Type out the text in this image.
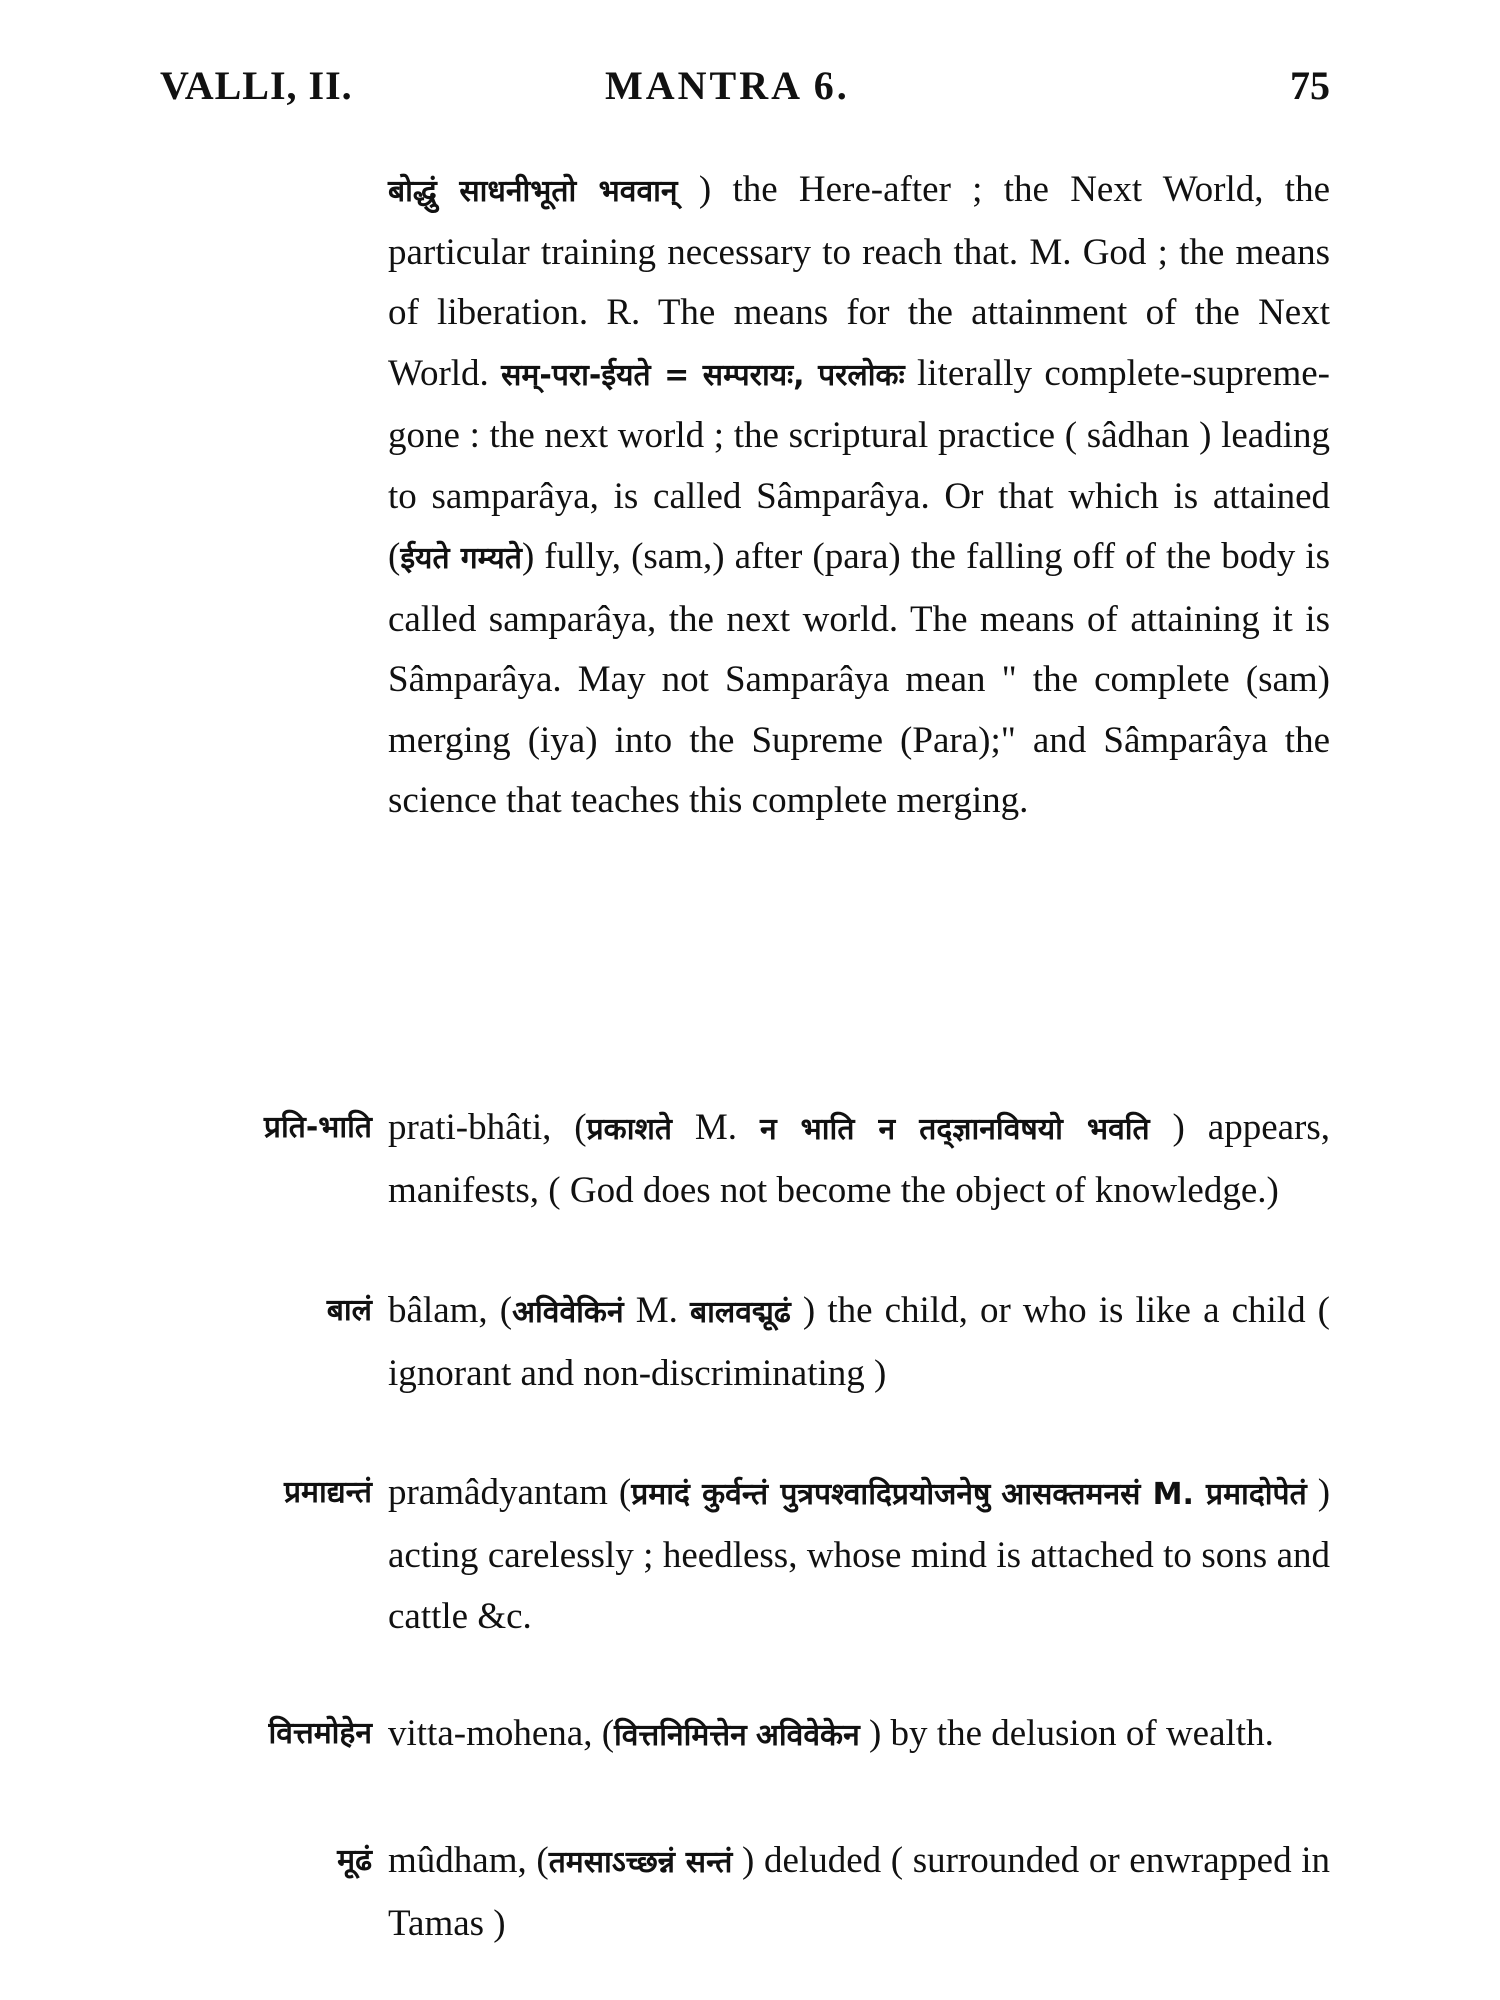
VALLI, II.	MANTRA 6.	75
बोद्धुं साधनीभूतो भववान् ) the Here-after ; the Next World, the particular training necessary to reach that. M. God ; the means of liberation. R. The means for the attainment of the Next World. सम्-परा-ईयते = सम्परायः, परलोकः literally complete-supreme-gone : the next world ; the scriptural practice ( sâdhan ) leading to samparâya, is called Sâmparâya. Or that which is attained (ईयते गम्यते) fully, (sam,) after (para) the falling off of the body is called samparâya, the next world. The means of attaining it is Sâmparâya. May not Samparâya mean " the complete (sam) merging (iya) into the Supreme (Para);" and Sâmparâya the science that teaches this complete merging.
प्रति-भाति prati-bhâti, (प्रकाशते M. न भाति न तद्ज्ञानविषयो भवति ) appears, manifests, ( God does not become the object of knowledge.)
बालं bâlam, (अविवेकिनं M. बालवद्मूढं ) the child, or who is like a child ( ignorant and non-discriminating )
प्रमाद्यन्तं pramâdyantam (प्रमादं कुर्वन्तं पुत्रपश्वादिप्रयोजनेषु आसक्तमनसं M. प्रमादोपेतं ) acting carelessly ; heedless, whose mind is attached to sons and cattle &c.
वित्तमोहेन vitta-mohena, (वित्तनिमित्तेन अविवेकेन ) by the delusion of wealth.
मूढं mûdham, (तमसाऽच्छन्नं सन्तं ) deluded ( surrounded or enwrapped in Tamas )
